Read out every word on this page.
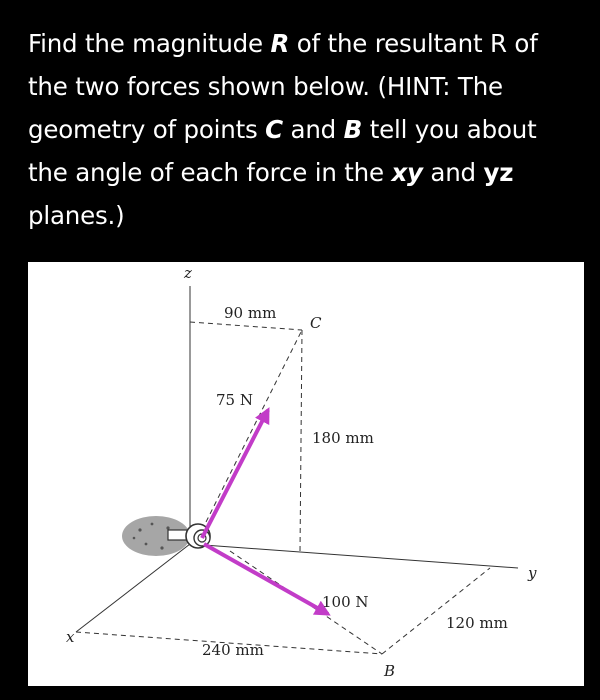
Find the magnitude R of the resultant R of the two forces shown below. (HINT: The geometry of points C and B tell you about the angle of each force in the xy and yz planes.)
z
x
y
C
B
90 mm
180 mm
240 mm
120 mm
75 N
100 N
